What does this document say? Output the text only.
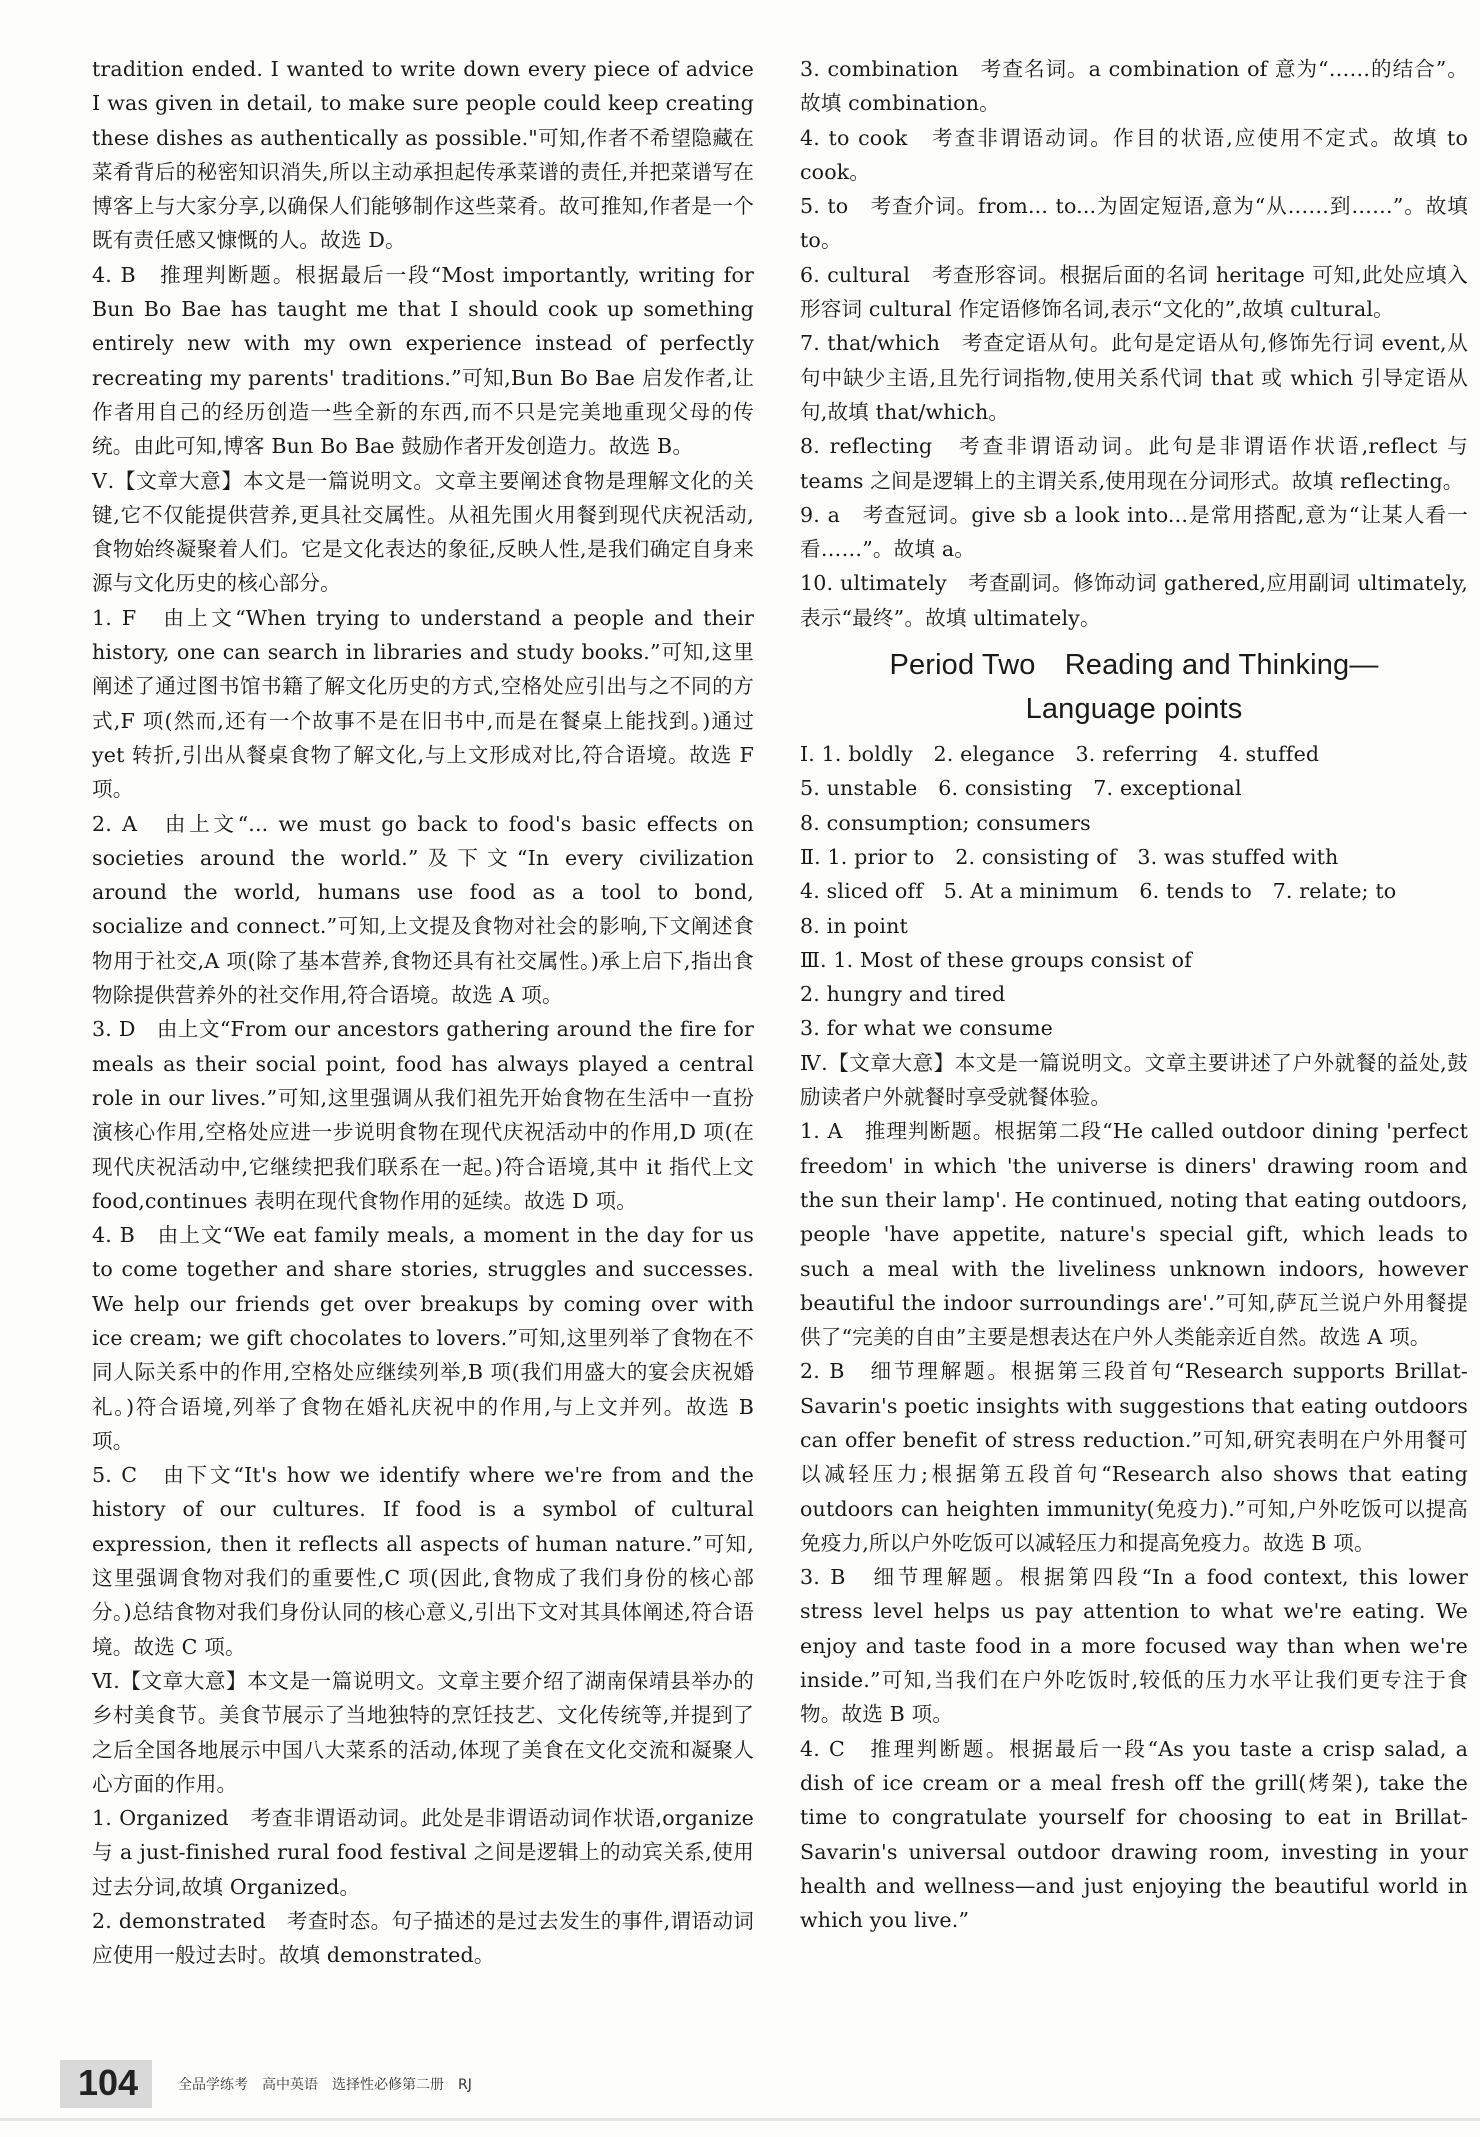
tradition ended. I wanted to write down every piece of advice I was given in detail, to make sure people could keep creating these dishes as authentically as possible."可知,作者不希望隐藏在菜肴背后的秘密知识消失,所以主动承担起传承菜谱的责任,并把菜谱写在博客上与大家分享,以确保人们能够制作这些菜肴。故可推知,作者是一个既有责任感又慷慨的人。故选 D。

4. B　推理判断题。根据最后一段“Most importantly, writing for Bun Bo Bae has taught me that I should cook up something entirely new with my own experience instead of perfectly recreating my parents' traditions.”可知,Bun Bo Bae 启发作者,让作者用自己的经历创造一些全新的东西,而不只是完美地重现父母的传统。由此可知,博客 Bun Bo Bae 鼓励作者开发创造力。故选 B。

Ⅴ.【文章大意】本文是一篇说明文。文章主要阐述食物是理解文化的关键,它不仅能提供营养,更具社交属性。从祖先围火用餐到现代庆祝活动,食物始终凝聚着人们。它是文化表达的象征,反映人性,是我们确定自身来源与文化历史的核心部分。

1. F　由上文“When trying to understand a people and their history, one can search in libraries and study books.”可知,这里阐述了通过图书馆书籍了解文化历史的方式,空格处应引出与之不同的方式,F 项(然而,还有一个故事不是在旧书中,而是在餐桌上能找到。)通过 yet 转折,引出从餐桌食物了解文化,与上文形成对比,符合语境。故选 F 项。

2. A　由上文“... we must go back to food's basic effects on societies around the world.”及下文“In every civilization around the world, humans use food as a tool to bond, socialize and connect.”可知,上文提及食物对社会的影响,下文阐述食物用于社交,A 项(除了基本营养,食物还具有社交属性。)承上启下,指出食物除提供营养外的社交作用,符合语境。故选 A 项。

3. D　由上文“From our ancestors gathering around the fire for meals as their social point, food has always played a central role in our lives.”可知,这里强调从我们祖先开始食物在生活中一直扮演核心作用,空格处应进一步说明食物在现代庆祝活动中的作用,D 项(在现代庆祝活动中,它继续把我们联系在一起。)符合语境,其中 it 指代上文 food,continues 表明在现代食物作用的延续。故选 D 项。

4. B　由上文“We eat family meals, a moment in the day for us to come together and share stories, struggles and successes. We help our friends get over breakups by coming over with ice cream; we gift chocolates to lovers.”可知,这里列举了食物在不同人际关系中的作用,空格处应继续列举,B 项(我们用盛大的宴会庆祝婚礼。)符合语境,列举了食物在婚礼庆祝中的作用,与上文并列。故选 B 项。

5. C　由下文“It's how we identify where we're from and the history of our cultures. If food is a symbol of cultural expression, then it reflects all aspects of human nature.”可知,这里强调食物对我们的重要性,C 项(因此,食物成了我们身份的核心部分。)总结食物对我们身份认同的核心意义,引出下文对其具体阐述,符合语境。故选 C 项。

Ⅵ.【文章大意】本文是一篇说明文。文章主要介绍了湖南保靖县举办的乡村美食节。美食节展示了当地独特的烹饪技艺、文化传统等,并提到了之后全国各地展示中国八大菜系的活动,体现了美食在文化交流和凝聚人心方面的作用。

1. Organized　考查非谓语动词。此处是非谓语动词作状语,organize 与 a just-finished rural food festival 之间是逻辑上的动宾关系,使用过去分词,故填 Organized。

2. demonstrated　考查时态。句子描述的是过去发生的事件,谓语动词应使用一般过去时。故填 demonstrated。

3. combination　考查名词。a combination of 意为“……的结合”。故填 combination。

4. to cook　考查非谓语动词。作目的状语,应使用不定式。故填 to cook。

5. to　考查介词。from... to...为固定短语,意为“从……到……”。故填 to。

6. cultural　考查形容词。根据后面的名词 heritage 可知,此处应填入形容词 cultural 作定语修饰名词,表示“文化的”,故填 cultural。

7. that/which　考查定语从句。此句是定语从句,修饰先行词 event,从句中缺少主语,且先行词指物,使用关系代词 that 或 which 引导定语从句,故填 that/which。

8. reflecting　考查非谓语动词。此句是非谓语作状语,reflect 与 teams 之间是逻辑上的主谓关系,使用现在分词形式。故填 reflecting。

9. a　考查冠词。give sb a look into...是常用搭配,意为“让某人看一看……”。故填 a。

10. ultimately　考查副词。修饰动词 gathered,应用副词 ultimately,表示“最终”。故填 ultimately。

Period Two　Reading and Thinking—
Language points

Ⅰ. 1. boldly　2. elegance　3. referring　4. stuffed

5. unstable　6. consisting　7. exceptional

8. consumption; consumers

Ⅱ. 1. prior to　2. consisting of　3. was stuffed with

4. sliced off　5. At a minimum　6. tends to　7. relate; to

8. in point

Ⅲ. 1. Most of these groups consist of

2. hungry and tired

3. for what we consume

Ⅳ.【文章大意】本文是一篇说明文。文章主要讲述了户外就餐的益处,鼓励读者户外就餐时享受就餐体验。

1. A　推理判断题。根据第二段“He called outdoor dining 'perfect freedom' in which 'the universe is diners' drawing room and the sun their lamp'. He continued, noting that eating outdoors, people 'have appetite, nature's special gift, which leads to such a meal with the liveliness unknown indoors, however beautiful the indoor surroundings are'.”可知,萨瓦兰说户外用餐提供了“完美的自由”主要是想表达在户外人类能亲近自然。故选 A 项。

2. B　细节理解题。根据第三段首句“Research supports Brillat-Savarin's poetic insights with suggestions that eating outdoors can offer benefit of stress reduction.”可知,研究表明在户外用餐可以减轻压力;根据第五段首句“Research also shows that eating outdoors can heighten immunity(免疫力).”可知,户外吃饭可以提高免疫力,所以户外吃饭可以减轻压力和提高免疫力。故选 B 项。

3. B　细节理解题。根据第四段“In a food context, this lower stress level helps us pay attention to what we're eating. We enjoy and taste food in a more focused way than when we're inside.”可知,当我们在户外吃饭时,较低的压力水平让我们更专注于食物。故选 B 项。

4. C　推理判断题。根据最后一段“As you taste a crisp salad, a dish of ice cream or a meal fresh off the grill(烤架), take the time to congratulate yourself for choosing to eat in Brillat-Savarin's universal outdoor drawing room, investing in your health and wellness—and just enjoying the beautiful world in which you live.”

104	全品学练考　高中英语　选择性必修第二册　RJ
